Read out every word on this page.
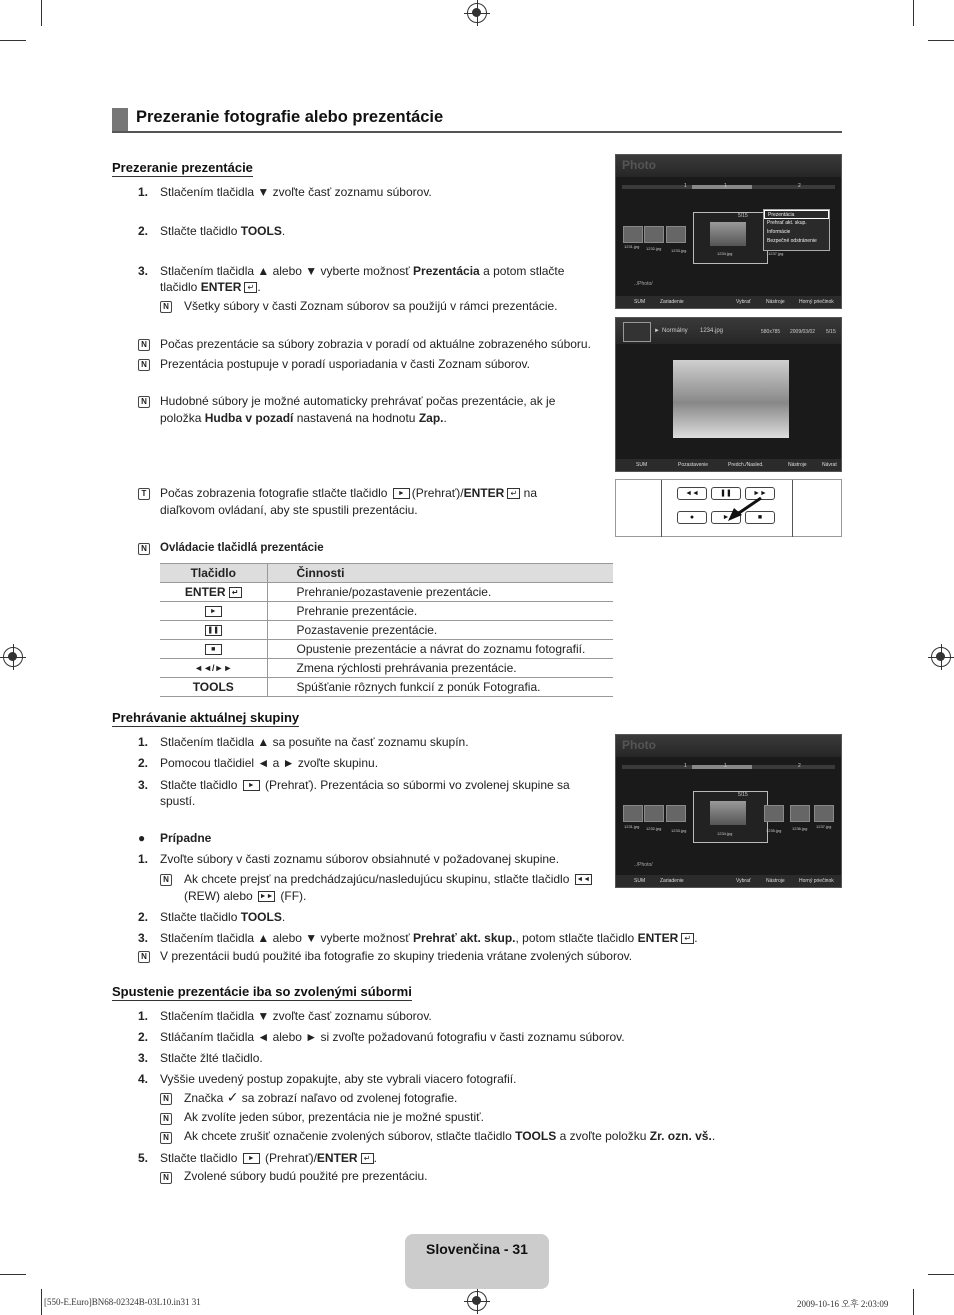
Prezeranie fotografie alebo prezentácie
Prezeranie prezentácie
1. Stlačením tlačidla ▼ zvoľte časť zoznamu súborov.
2. Stlačte tlačidlo TOOLS.
3. Stlačením tlačidla ▲ alebo ▼ vyberte možnosť Prezentácia a potom stlačte
tlačidlo ENTER ↵ .
N Všetky súbory v časti Zoznam súborov sa použijú v rámci prezentácie.
N Počas prezentácie sa súbory zobrazia v poradí od aktuálne zobrazeného súboru.
N Prezentácia postupuje v poradí usporiadania v časti Zoznam súborov.
N Hudobné súbory je možné automaticky prehrávať počas prezentácie, ak je
položka Hudba v pozadí nastavená na hodnotu Zap..
T Počas zobrazenia fotografie stlačte tlačidlo ► (Prehrať)/ENTER ↵ na
diaľkovom ovládaní, aby ste spustili prezentáciu.
N Ovládacie tlačidlá prezentácie
Tlačidlo	Činnosti
ENTER ↵	Prehranie/pozastavenie prezentácie.
►	Prehranie prezentácie.
❚❚	Pozastavenie prezentácie.
■	Opustenie prezentácie a návrat do zoznamu fotografií.
◄◄/►►	Zmena rýchlosti prehrávania prezentácie.
TOOLS	Spúšťanie rôznych funkcií z ponúk Fotografia.
Photo
1	1	2
1231.jpg 1232.jpg 1233.jpg
5/15
1234.jpg
Prezentácia
Prehrať akt. skup.
Informácie
Bezpečné odstránenie
1237.jpg
../Photo/
SUM	Zariadenie	Vybrať	Nástroje	Horný priečinok
► Normálny 1234.jpg	580x785 2009/03/02 5/15
SUM	Pozastavenie	Predch./Nasled.	Nástroje	Návrat
◄◄	❚❚	►►
●	►	■
Prehrávanie aktuálnej skupiny
1. Stlačením tlačidla ▲ sa posuňte na časť zoznamu skupín.
2. Pomocou tlačidiel ◄ a ► zvoľte skupinu.
3. Stlačte tlačidlo ► (Prehrať). Prezentácia so súbormi vo zvolenej skupine sa
spustí.
● Prípadne
1. Zvoľte súbory v časti zoznamu súborov obsiahnuté v požadovanej skupine.
N Ak chcete prejsť na predchádzajúcu/nasledujúcu skupinu, stlačte tlačidlo ◄◄
(REW) alebo ►► (FF).
2. Stlačte tlačidlo TOOLS.
3. Stlačením tlačidla ▲ alebo ▼ vyberte možnosť Prehrať akt. skup., potom stlačte tlačidlo ENTER ↵ .
N V prezentácii budú použité iba fotografie zo skupiny triedenia vrátane zvolených súborov.
Photo
1	1	2
1231.jpg 1232.jpg 1233.jpg
5/15
1234.jpg
1235.jpg	1236.jpg 1237.jpg
../Photo/
SUM	Zariadenie	Vybrať	Nástroje	Horný priečinok
Spustenie prezentácie iba so zvolenými súbormi
1. Stlačením tlačidla ▼ zvoľte časť zoznamu súborov.
2. Stláčaním tlačidla ◄ alebo ► si zvoľte požadovanú fotografiu v časti zoznamu súborov.
3. Stlačte žlté tlačidlo.
4. Vyššie uvedený postup zopakujte, aby ste vybrali viacero fotografií.
N Značka ✓ sa zobrazí naľavo od zvolenej fotografie.
N Ak zvolíte jeden súbor, prezentácia nie je možné spustiť.
N Ak chcete zrušiť označenie zvolených súborov, stlačte tlačidlo TOOLS a zvoľte položku Zr. ozn. vš..
5. Stlačte tlačidlo ► (Prehrať)/ENTER ↵ .
N Zvolené súbory budú použité pre prezentáciu.
Slovenčina - 31
[550-E.Euro]BN68-02324B-03L10.in31 31	2009-10-16 오후 2:03:09
